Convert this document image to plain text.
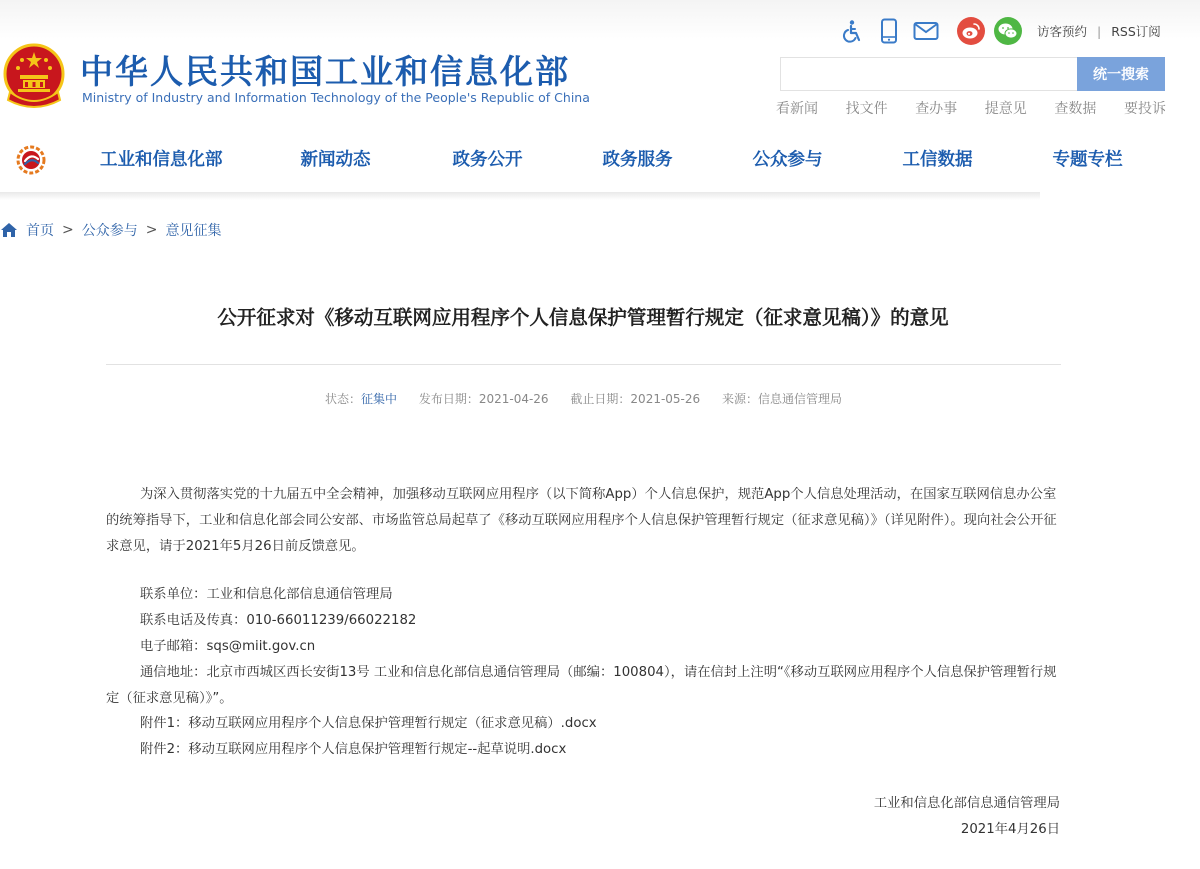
中华人民共和国工业和信息化部
Ministry of Industry and Information Technology of the People's Republic of China
访客预约 | RSS订阅
统一搜索
看新闻 找文件 查办事 提意见 查数据 要投诉
工业和信息化部	新闻动态	政务公开	政务服务	公众参与	工信数据	专题专栏
首页 > 公众参与 > 意见征集
公开征求对《移动互联网应用程序个人信息保护管理暂行规定（征求意见稿）》的意见
状态：征集中 发布日期：2021-04-26 截止日期：2021-05-26 来源：信息通信管理局
为深入贯彻落实党的十九届五中全会精神，加强移动互联网应用程序（以下简称App）个人信息保护，规范App个人信息处理活动，在国家互联网信息办公室的统筹指导下，工业和信息化部会同公安部、市场监管总局起草了《移动互联网应用程序个人信息保护管理暂行规定（征求意见稿）》（详见附件）。现向社会公开征求意见，请于2021年5月26日前反馈意见。
联系单位：工业和信息化部信息通信管理局
联系电话及传真：010-66011239/66022182
电子邮箱：sqs@miit.gov.cn
通信地址：北京市西城区西长安街13号 工业和信息化部信息通信管理局（邮编：100804），请在信封上注明“《移动互联网应用程序个人信息保护管理暂行规定（征求意见稿）》”。
附件1：移动互联网应用程序个人信息保护管理暂行规定（征求意见稿）.docx
附件2：移动互联网应用程序个人信息保护管理暂行规定--起草说明.docx
工业和信息化部信息通信管理局
2021年4月26日
